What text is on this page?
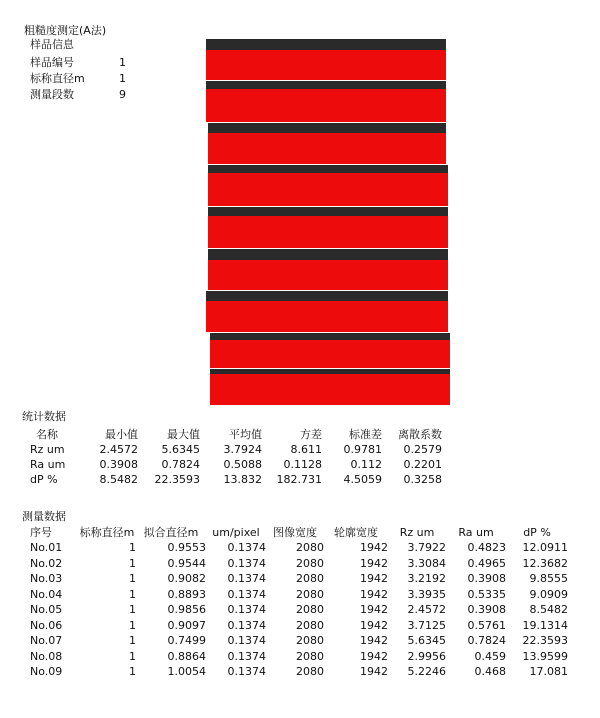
粗糙度测定(A法)
样品信息
样品编号	1
标称直径m	1
测量段数	9
统计数据
名称	最小值	最大值	平均值	方差	标准差	离散系数
Rz um	2.4572	5.6345	3.7924	8.611	0.9781	0.2579
Ra um	0.3908	0.7824	0.5088	0.1128	0.112	0.2201
dP %	8.5482	22.3593	13.832	182.731	4.5059	0.3258
测量数据
序号	标称直径m	拟合直径m	um/pixel	图像宽度	轮廓宽度	Rz um	Ra um	dP %
No.01	1	0.9553	0.1374	2080	1942	3.7922	0.4823	12.0911
No.02	1	0.9544	0.1374	2080	1942	3.3084	0.4965	12.3682
No.03	1	0.9082	0.1374	2080	1942	3.2192	0.3908	9.8555
No.04	1	0.8893	0.1374	2080	1942	3.3935	0.5335	9.0909
No.05	1	0.9856	0.1374	2080	1942	2.4572	0.3908	8.5482
No.06	1	0.9097	0.1374	2080	1942	3.7125	0.5761	19.1314
No.07	1	0.7499	0.1374	2080	1942	5.6345	0.7824	22.3593
No.08	1	0.8864	0.1374	2080	1942	2.9956	0.459	13.9599
No.09	1	1.0054	0.1374	2080	1942	5.2246	0.468	17.081
